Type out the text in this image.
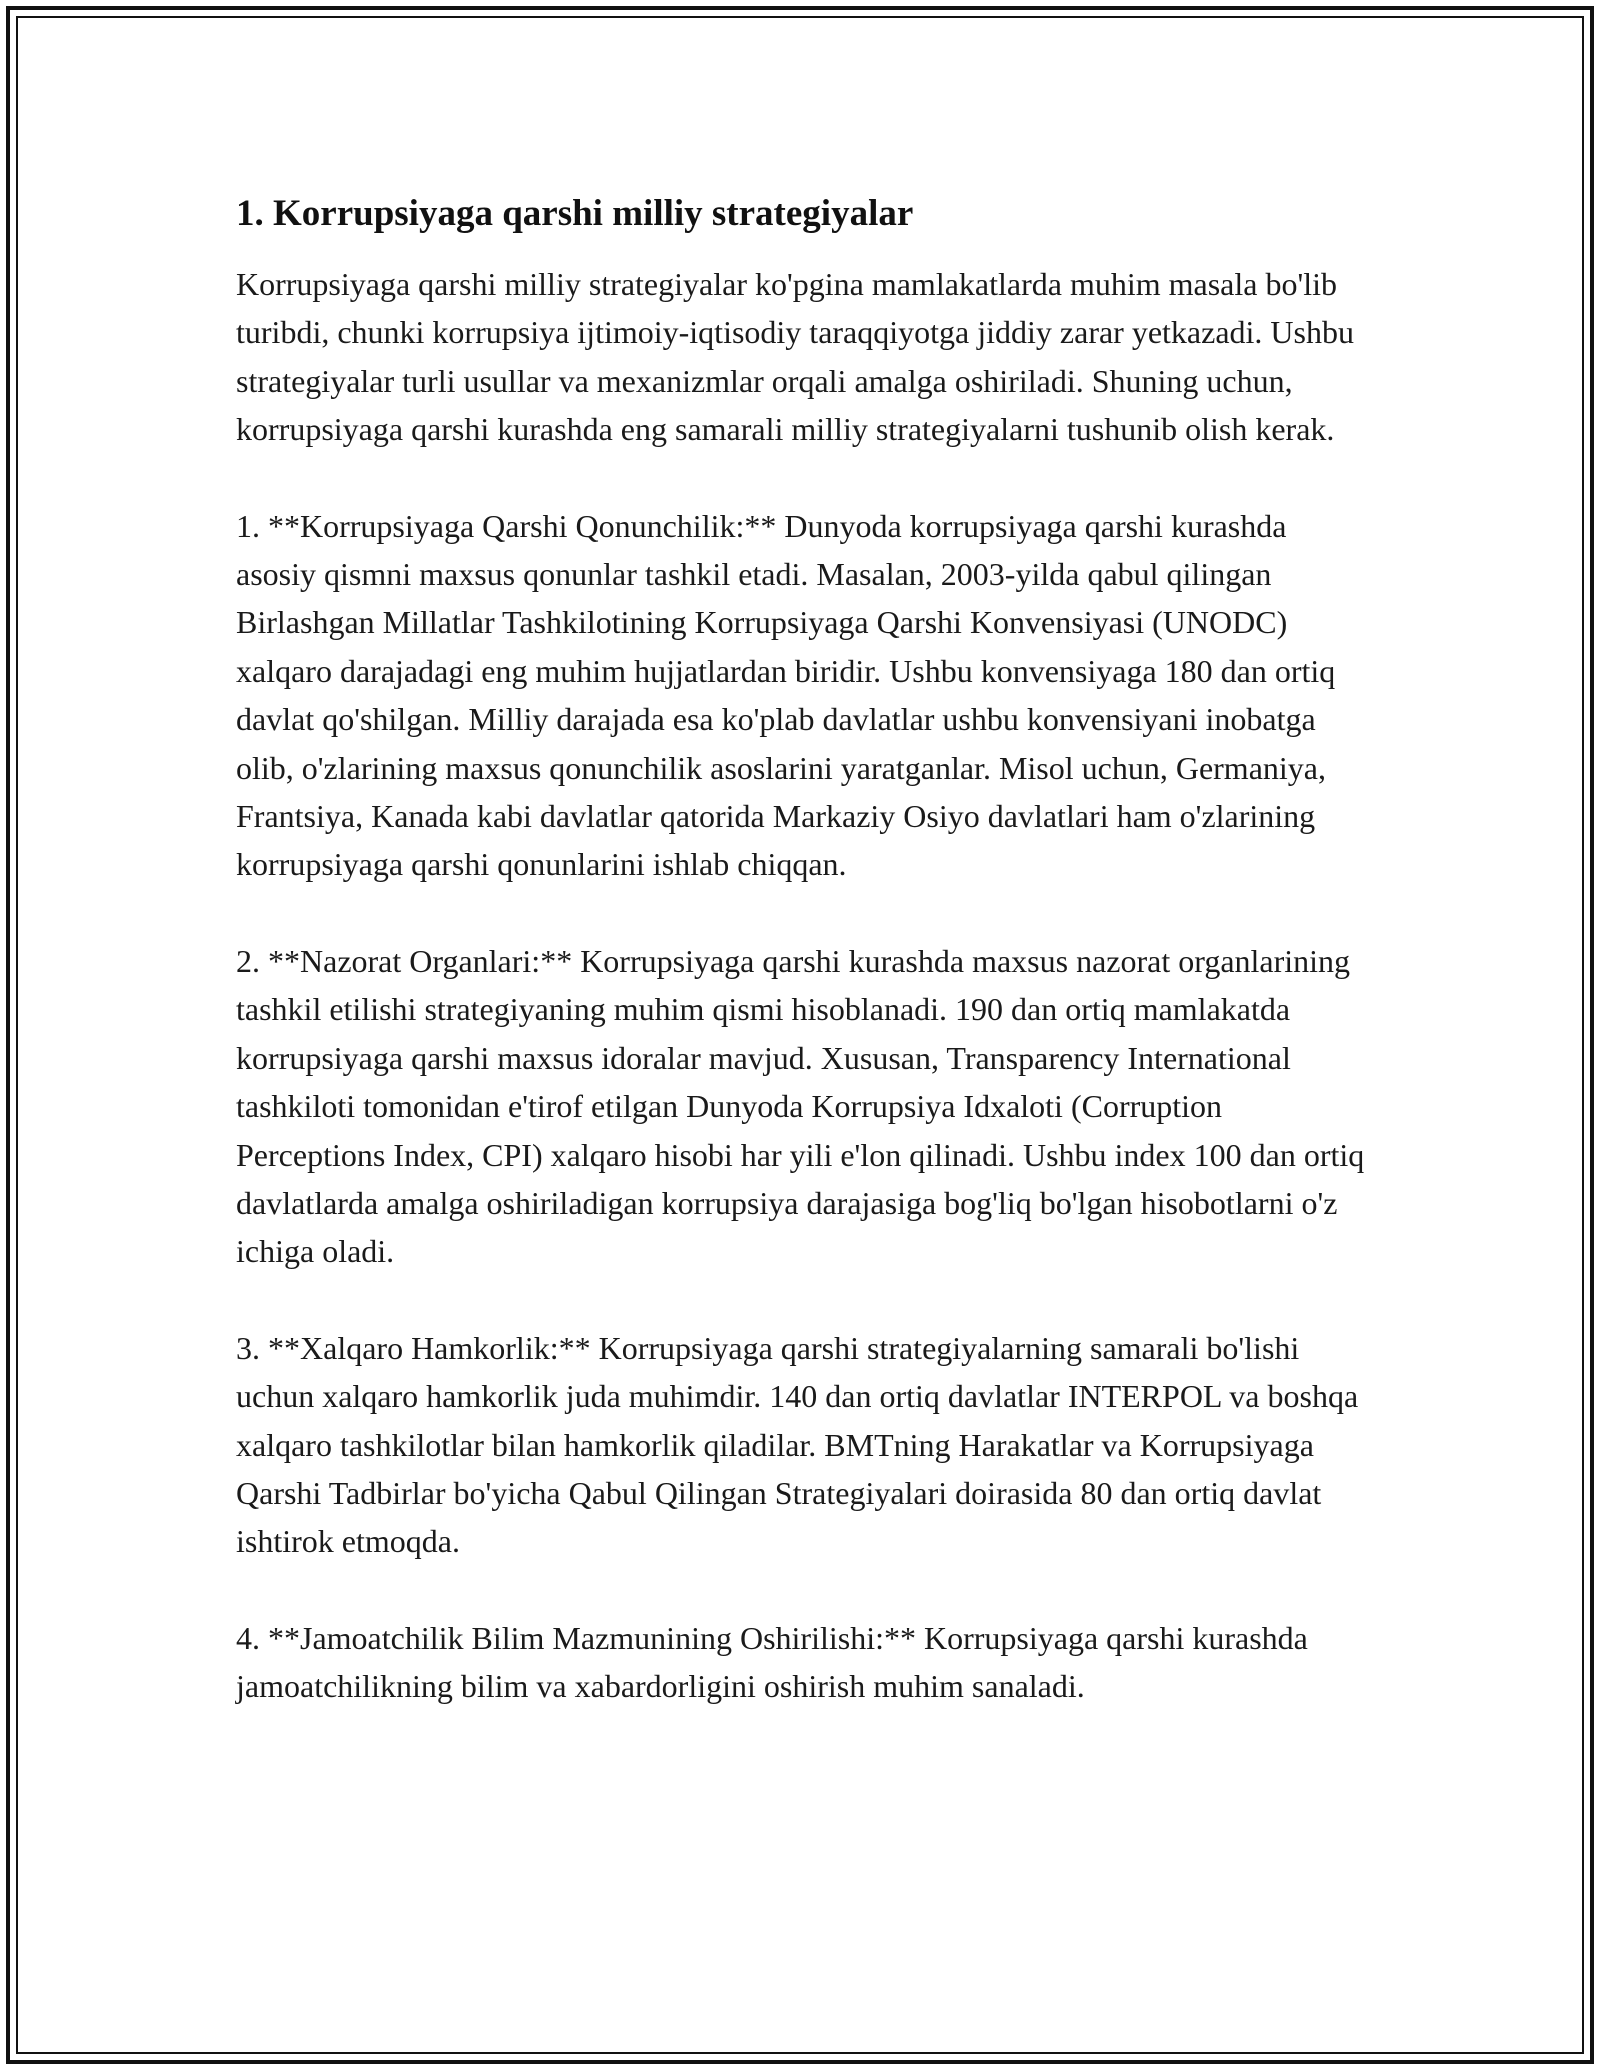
1. Korrupsiyaga qarshi milliy strategiyalar

Korrupsiyaga qarshi milliy strategiyalar ko'pgina mamlakatlarda muhim masala bo'lib turibdi, chunki korrupsiya ijtimoiy-iqtisodiy taraqqiyotga jiddiy zarar yetkazadi. Ushbu strategiyalar turli usullar va mexanizmlar orqali amalga oshiriladi. Shuning uchun, korrupsiyaga qarshi kurashda eng samarali milliy strategiyalarni tushunib olish kerak.

1. **Korrupsiyaga Qarshi Qonunchilik:** Dunyoda korrupsiyaga qarshi kurashda asosiy qismni maxsus qonunlar tashkil etadi. Masalan, 2003-yilda qabul qilingan Birlashgan Millatlar Tashkilotining Korrupsiyaga Qarshi Konvensiyasi (UNODC) xalqaro darajadagi eng muhim hujjatlardan biridir. Ushbu konvensiyaga 180 dan ortiq davlat qo'shilgan. Milliy darajada esa ko'plab davlatlar ushbu konvensiyani inobatga olib, o'zlarining maxsus qonunchilik asoslarini yaratganlar. Misol uchun, Germaniya, Frantsiya, Kanada kabi davlatlar qatorida Markaziy Osiyo davlatlari ham o'zlarining korrupsiyaga qarshi qonunlarini ishlab chiqqan.

2. **Nazorat Organlari:** Korrupsiyaga qarshi kurashda maxsus nazorat organlarining tashkil etilishi strategiyaning muhim qismi hisoblanadi. 190 dan ortiq mamlakatda korrupsiyaga qarshi maxsus idoralar mavjud. Xususan, Transparency International tashkiloti tomonidan e'tirof etilgan Dunyoda Korrupsiya Idxaloti (Corruption Perceptions Index, CPI) xalqaro hisobi har yili e'lon qilinadi. Ushbu index 100 dan ortiq davlatlarda amalga oshiriladigan korrupsiya darajasiga bog'liq bo'lgan hisobotlarni o'z ichiga oladi.

3. **Xalqaro Hamkorlik:** Korrupsiyaga qarshi strategiyalarning samarali bo'lishi uchun xalqaro hamkorlik juda muhimdir. 140 dan ortiq davlatlar INTERPOL va boshqa xalqaro tashkilotlar bilan hamkorlik qiladilar. BMTning Harakatlar va Korrupsiyaga Qarshi Tadbirlar bo'yicha Qabul Qilingan Strategiyalari doirasida 80 dan ortiq davlat ishtirok etmoqda.

4. **Jamoatchilik Bilim Mazmunining Oshirilishi:** Korrupsiyaga qarshi kurashda jamoatchilikning bilim va xabardorligini oshirish muhim sanaladi.
